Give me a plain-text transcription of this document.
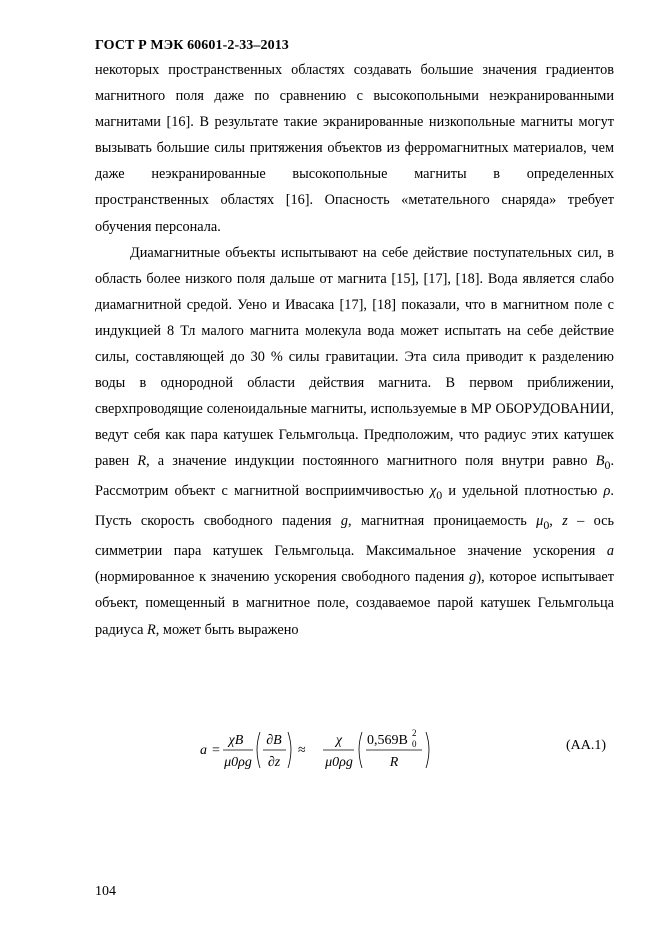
ГОСТ Р МЭК 60601-2-33–2013

некоторых пространственных областях создавать большие значения градиентов магнитного поля даже по сравнению с высокопольными неэкранированными магнитами [16]. В результате такие экранированные низкопольные магниты могут вызывать большие силы притяжения объектов из ферромагнитных материалов, чем даже неэкранированные высокопольные магниты в определенных пространственных областях [16]. Опасность «метательного снаряда» требует обучения персонала.

Диамагнитные объекты испытывают на себе действие поступательных сил, в область более низкого поля дальше от магнита [15], [17], [18]. Вода является слабо диамагнитной средой. Уено и Ивасака [17], [18] показали, что в магнитном поле с индукцией 8 Тл малого магнита молекула вода может испытать на себе действие силы, составляющей до 30 % силы гравитации. Эта сила приводит к разделению воды в однородной области действия магнита. В первом приближении, сверхпроводящие соленоидальные магниты, используемые в МР ОБОРУДОВАНИИ, ведут себя как пара катушек Гельмгольца. Предположим, что радиус этих катушек равен R, а значение индукции постоянного магнитного поля внутри равно $B_0$. Рассмотрим объект с магнитной восприимчивостью $\chi_0$ и удельной плотностью ρ. Пусть скорость свободного падения g, магнитная проницаемость $\mu_0$, z – ось симметрии пара катушек Гельмгольца. Максимальное значение ускорения a (нормированное к значению ускорения свободного падения g), которое испытывает объект, помещенный в магнитное поле, создаваемое парой катушек Гельмгольца радиуса R, может быть выражено

a =
χB
μ0ρg
∂B
∂z
≈
χ
μ0ρg
0,569B 0
2
R
(АА.1)
104
